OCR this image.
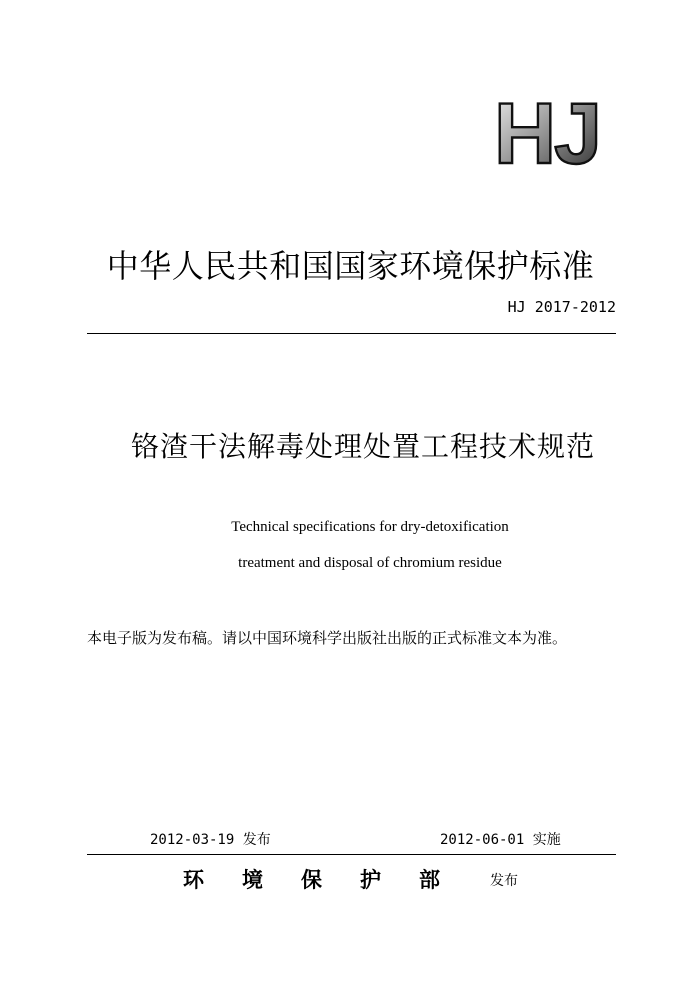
HJ
中华人民共和国国家环境保护标准
HJ 2017-2012
铬渣干法解毒处理处置工程技术规范
Technical specifications for dry-detoxification
treatment and disposal of chromium residue
本电子版为发布稿。请以中国环境科学出版社出版的正式标准文本为准。
2012-03-19 发布	2012-06-01 实施
环境保护部 发布
